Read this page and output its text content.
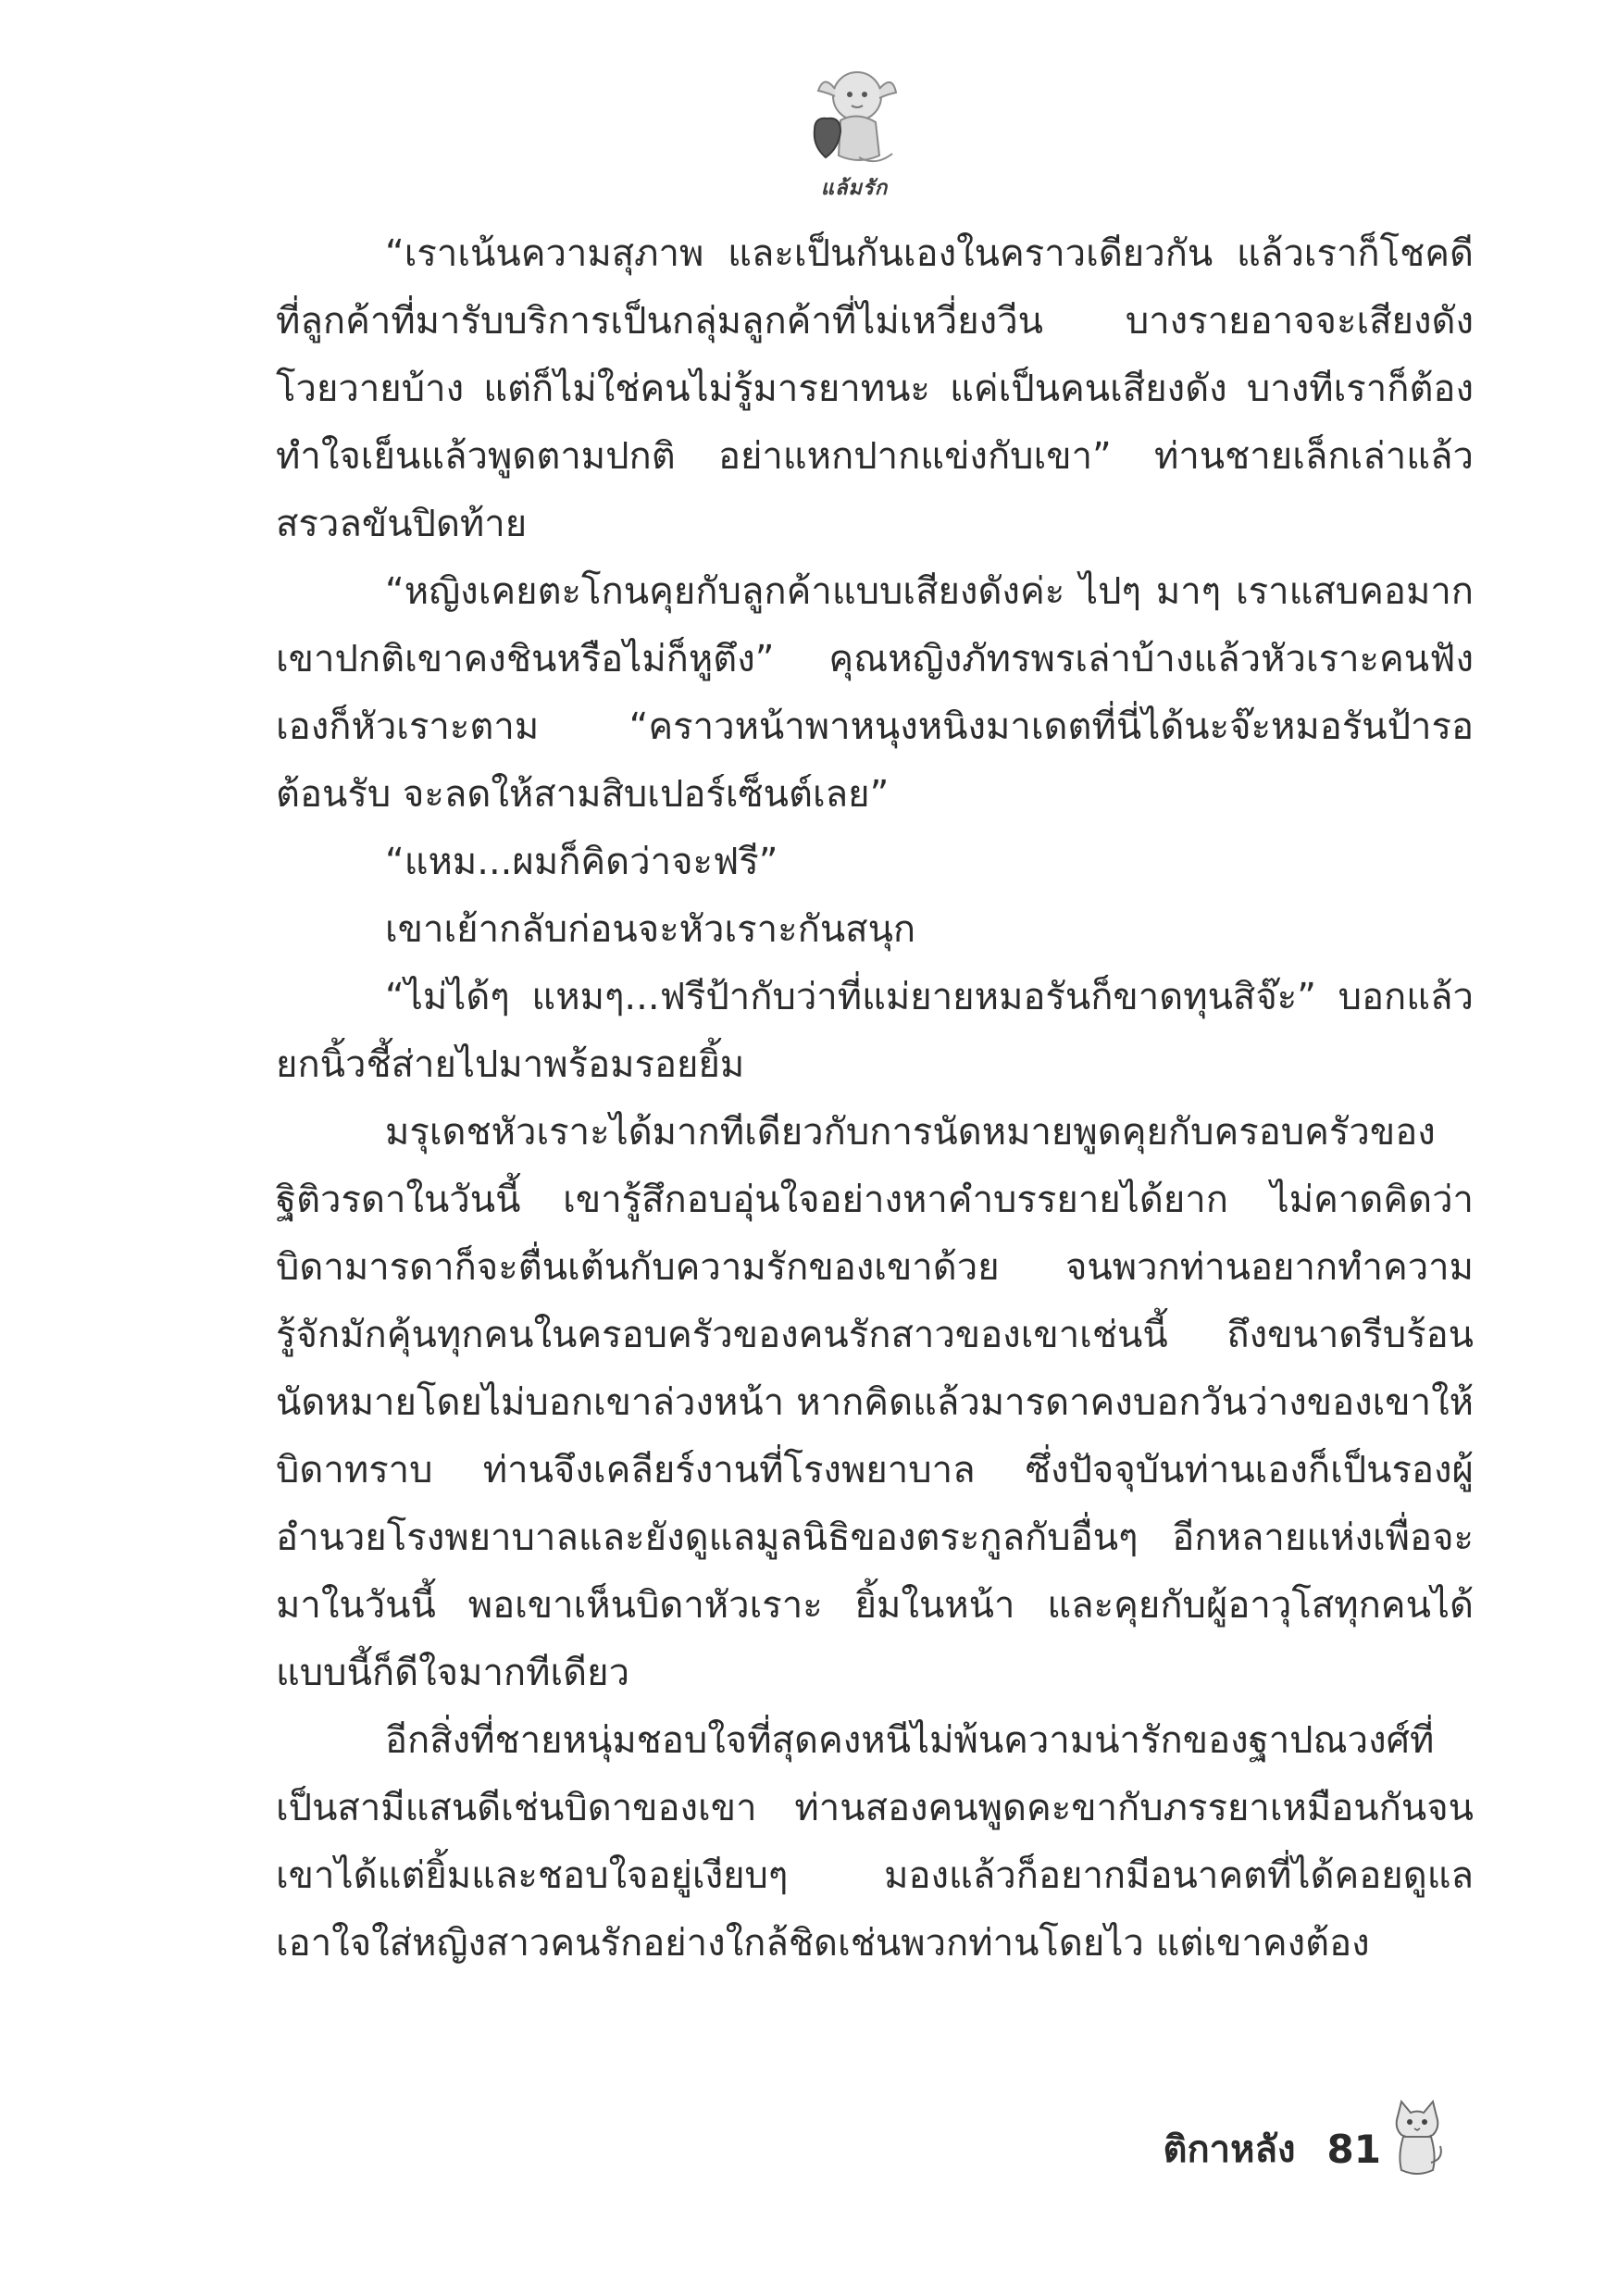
แล้มรัก

“เราเน้นความสุภาพ และเป็นกันเองในคราวเดียวกัน แล้วเราก็โชคดีที่ลูกค้าที่มารับบริการเป็นกลุ่มลูกค้าที่ไม่เหวี่ยงวีน บางรายอาจจะเสียงดังโวยวายบ้าง แต่ก็ไม่ใช่คนไม่รู้มารยาทนะ แค่เป็นคนเสียงดัง บางทีเราก็ต้องทำใจเย็นแล้วพูดตามปกติ อย่าแหกปากแข่งกับเขา” ท่านชายเล็กเล่าแล้วสรวลขันปิดท้าย

“หญิงเคยตะโกนคุยกับลูกค้าแบบเสียงดังค่ะ ไปๆ มาๆ เราแสบคอมาก เขาปกติเขาคงชินหรือไม่ก็หูตึง” คุณหญิงภัทรพรเล่าบ้างแล้วหัวเราะคนฟังเองก็หัวเราะตาม “คราวหน้าพาหนุงหนิงมาเดตที่นี่ได้นะจ๊ะหมอรันป้ารอต้อนรับ จะลดให้สามสิบเปอร์เซ็นต์เลย”

“แหม...ผมก็คิดว่าจะฟรี”

เขาเย้ากลับก่อนจะหัวเราะกันสนุก

“ไม่ได้ๆ แหมๆ...ฟรีป้ากับว่าที่แม่ยายหมอรันก็ขาดทุนสิจ๊ะ” บอกแล้วยกนิ้วชี้ส่ายไปมาพร้อมรอยยิ้ม

มรุเดชหัวเราะได้มากทีเดียวกับการนัดหมายพูดคุยกับครอบครัวของฐิติวรดาในวันนี้ เขารู้สึกอบอุ่นใจอย่างหาคำบรรยายได้ยาก ไม่คาดคิดว่าบิดามารดาก็จะตื่นเต้นกับความรักของเขาด้วย จนพวกท่านอยากทำความรู้จักมักคุ้นทุกคนในครอบครัวของคนรักสาวของเขาเช่นนี้ ถึงขนาดรีบร้อนนัดหมายโดยไม่บอกเขาล่วงหน้า หากคิดแล้วมารดาคงบอกวันว่างของเขาให้บิดาทราบ ท่านจึงเคลียร์งานที่โรงพยาบาล ซึ่งปัจจุบันท่านเองก็เป็นรองผู้อำนวยโรงพยาบาลและยังดูแลมูลนิธิของตระกูลกับอื่นๆ อีกหลายแห่งเพื่อจะมาในวันนี้ พอเขาเห็นบิดาหัวเราะ ยิ้มในหน้า และคุยกับผู้อาวุโสทุกคนได้แบบนี้ก็ดีใจมากทีเดียว

อีกสิ่งที่ชายหนุ่มชอบใจที่สุดคงหนีไม่พ้นความน่ารักของฐาปณวงศ์ที่เป็นสามีแสนดีเช่นบิดาของเขา ท่านสองคนพูดคะขากับภรรยาเหมือนกันจนเขาได้แต่ยิ้มและชอบใจอยู่เงียบๆ มองแล้วก็อยากมีอนาคตที่ได้คอยดูแลเอาใจใส่หญิงสาวคนรักอย่างใกล้ชิดเช่นพวกท่านโดยไว แต่เขาคงต้อง

ติกาหลัง 81
